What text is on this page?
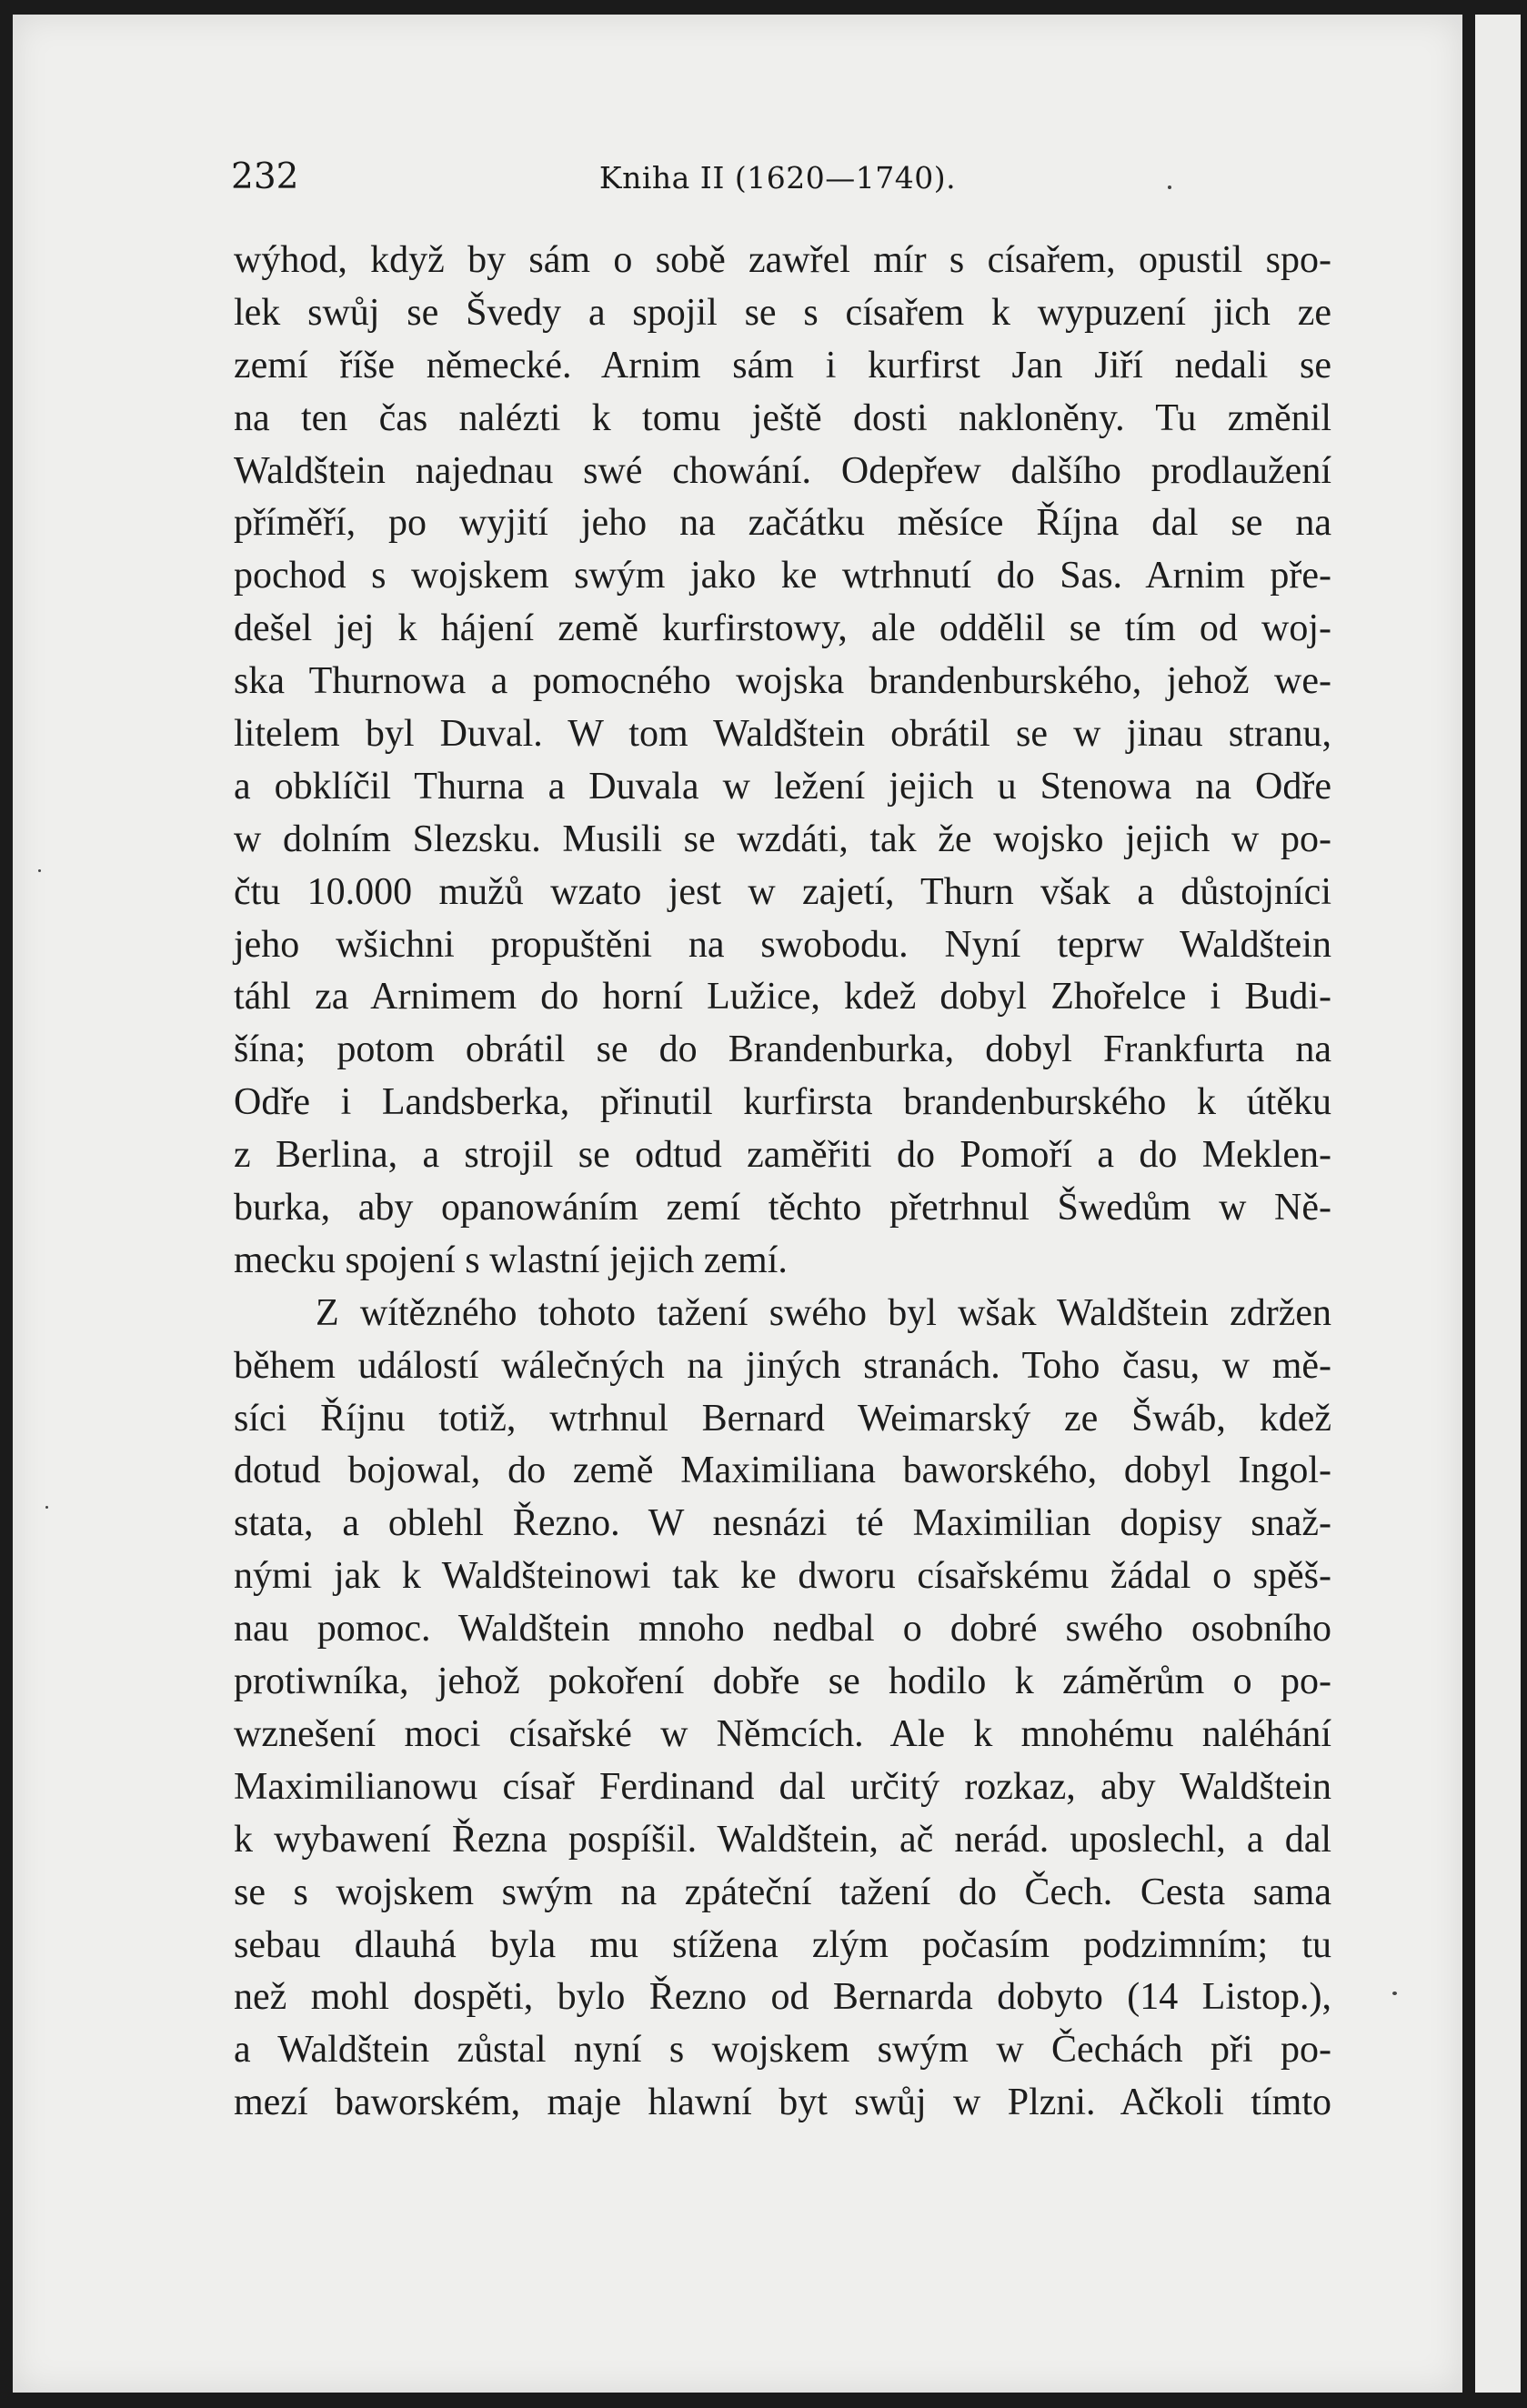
232	Kniha II (1620—1740).
wýhod, když by sám o sobě zawřel mír s císařem, opustil spo-
lek swůj se Švedy a spojil se s císařem k wypuzení jich ze
zemí říše německé. Arnim sám i kurfirst Jan Jiří nedali se
na ten čas nalézti k tomu ještě dosti nakloněny. Tu změnil
Waldštein najednau swé chowání. Odepřew dalšího prodlaužení
příměří, po wyjití jeho na začátku měsíce Října dal se na
pochod s wojskem swým jako ke wtrhnutí do Sas. Arnim pře-
dešel jej k hájení země kurfirstowy, ale oddělil se tím od woj-
ska Thurnowa a pomocného wojska brandenburského, jehož we-
litelem byl Duval. W tom Waldštein obrátil se w jinau stranu,
a obklíčil Thurna a Duvala w ležení jejich u Stenowa na Odře
w dolním Slezsku. Musili se wzdáti, tak že wojsko jejich w po-
čtu 10.000 mužů wzato jest w zajetí, Thurn však a důstojníci
jeho wšichni propuštěni na swobodu. Nyní teprw Waldštein
táhl za Arnimem do horní Lužice, kdež dobyl Zhořelce i Budi-
šína; potom obrátil se do Brandenburka, dobyl Frankfurta na
Odře i Landsberka, přinutil kurfirsta brandenburského k útěku
z Berlina, a strojil se odtud zaměřiti do Pomoří a do Meklen-
burka, aby opanowáním zemí těchto přetrhnul Šwedům w Ně-
mecku spojení s wlastní jejich zemí.
Z wítězného tohoto tažení swého byl wšak Waldštein zdržen
během událostí wálečných na jiných stranách. Toho času, w mě-
síci Říjnu totiž, wtrhnul Bernard Weimarský ze Šwáb, kdež
dotud bojowal, do země Maximiliana baworského, dobyl Ingol-
stata, a oblehl Řezno. W nesnázi té Maximilian dopisy snaž-
nými jak k Waldšteinowi tak ke dworu císařskému žádal o spěš-
nau pomoc. Waldštein mnoho nedbal o dobré swého osobního
protiwníka, jehož pokoření dobře se hodilo k záměrům o po-
wznešení moci císařské w Němcích. Ale k mnohému naléhání
Maximilianowu císař Ferdinand dal určitý rozkaz, aby Waldštein
k wybawení Řezna pospíšil. Waldštein, ač nerád. uposlechl, a dal
se s wojskem swým na zpáteční tažení do Čech. Cesta sama
sebau dlauhá byla mu stížena zlým počasím podzimním; tu
než mohl dospěti, bylo Řezno od Bernarda dobyto (14 Listop.),
a Waldštein zůstal nyní s wojskem swým w Čechách při po-
mezí baworském, maje hlawní byt swůj w Plzni. Ačkoli tímto
